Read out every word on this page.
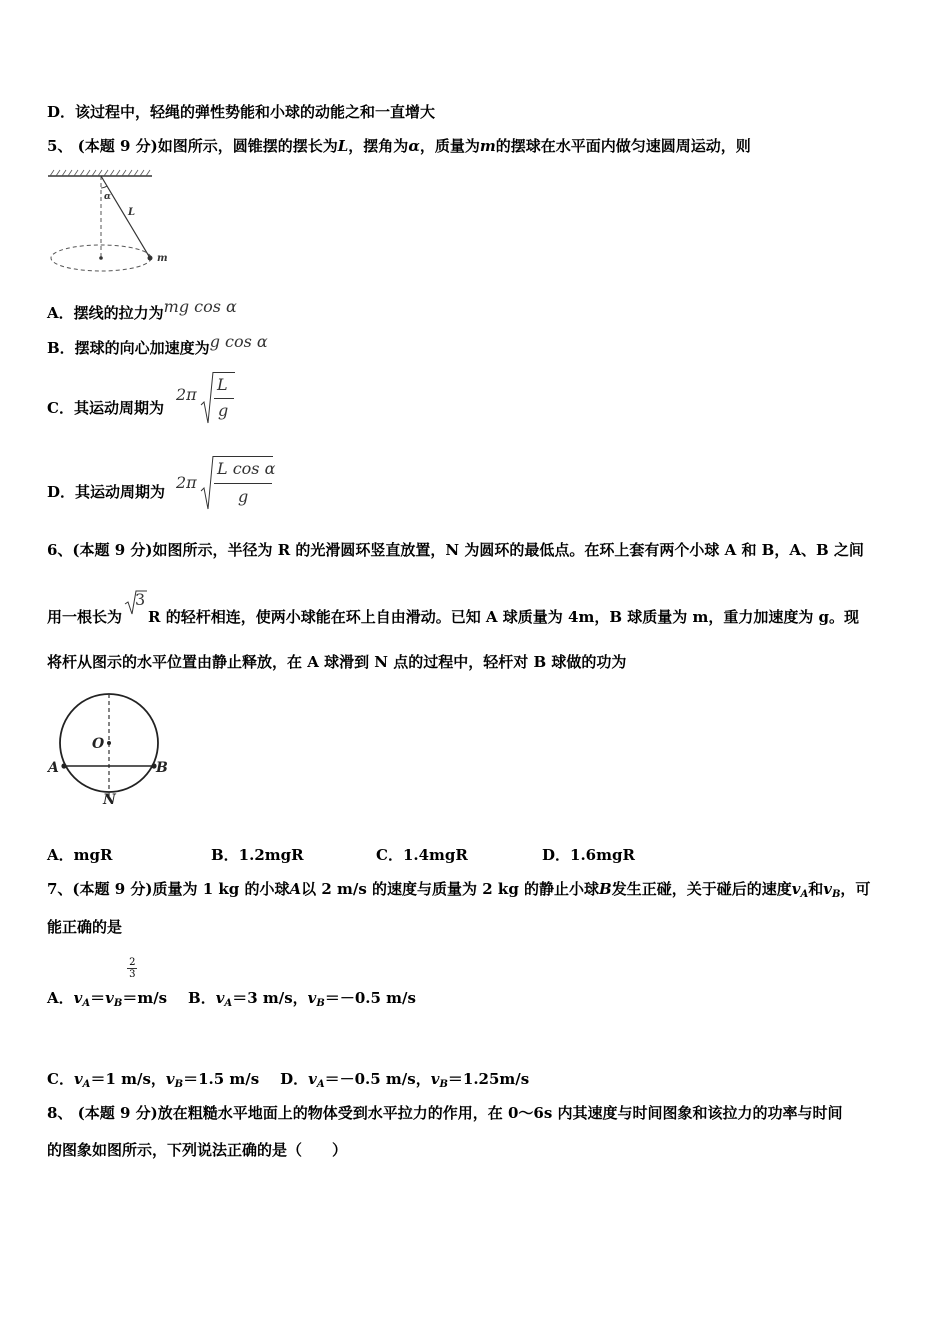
D．该过程中，轻绳的弹性势能和小球的动能之和一直增大
5、 (本题 9 分)如图所示，圆锥摆的摆长为L，摆角为α，质量为m的摆球在水平面内做匀速圆周运动，则
α
L
m
A．摆线的拉力为mg cos α
B．摆球的向心加速度为g cos α
C．其运动周期为
2π
L
g
D．其运动周期为 2π
L cos α
g
6、(本题 9 分)如图所示，半径为 R 的光滑圆环竖直放置，N 为圆环的最低点。在环上套有两个小球 A 和 B，A、B 之间
用一根长为
3
R 的轻杆相连，使两小球能在环上自由滑动。已知 A 球质量为 4m，B 球质量为 m，重力加速度为 g。现
将杆从图示的水平位置由静止释放，在 A 球滑到 N 点的过程中，轻杆对 B 球做的功为
O
A	B
N
A．mgR	B．1.2mgR	C．1.4mgR	D．1.6mgR
7、(本题 9 分)质量为 1 kg 的小球A以 2 m/s 的速度与质量为 2 kg 的静止小球B发生正碰，关于碰后的速度$v_A$和$v_B$，可
能正确的是
A．$v_A=v_B=$
$\frac{2}{3}$
m/s B．$v_A=3$ m/s，$v_B=-0.5$ m/s
C．$v_A=1$ m/s，$v_B=1.5$ m/s D．$v_A=-0.5$ m/s，$v_B=1.25m/s$
8、 (本题 9 分)放在粗糙水平地面上的物体受到水平拉力的作用，在 0～6s 内其速度与时间图象和该拉力的功率与时间
的图象如图所示，下列说法正确的是（　　）
